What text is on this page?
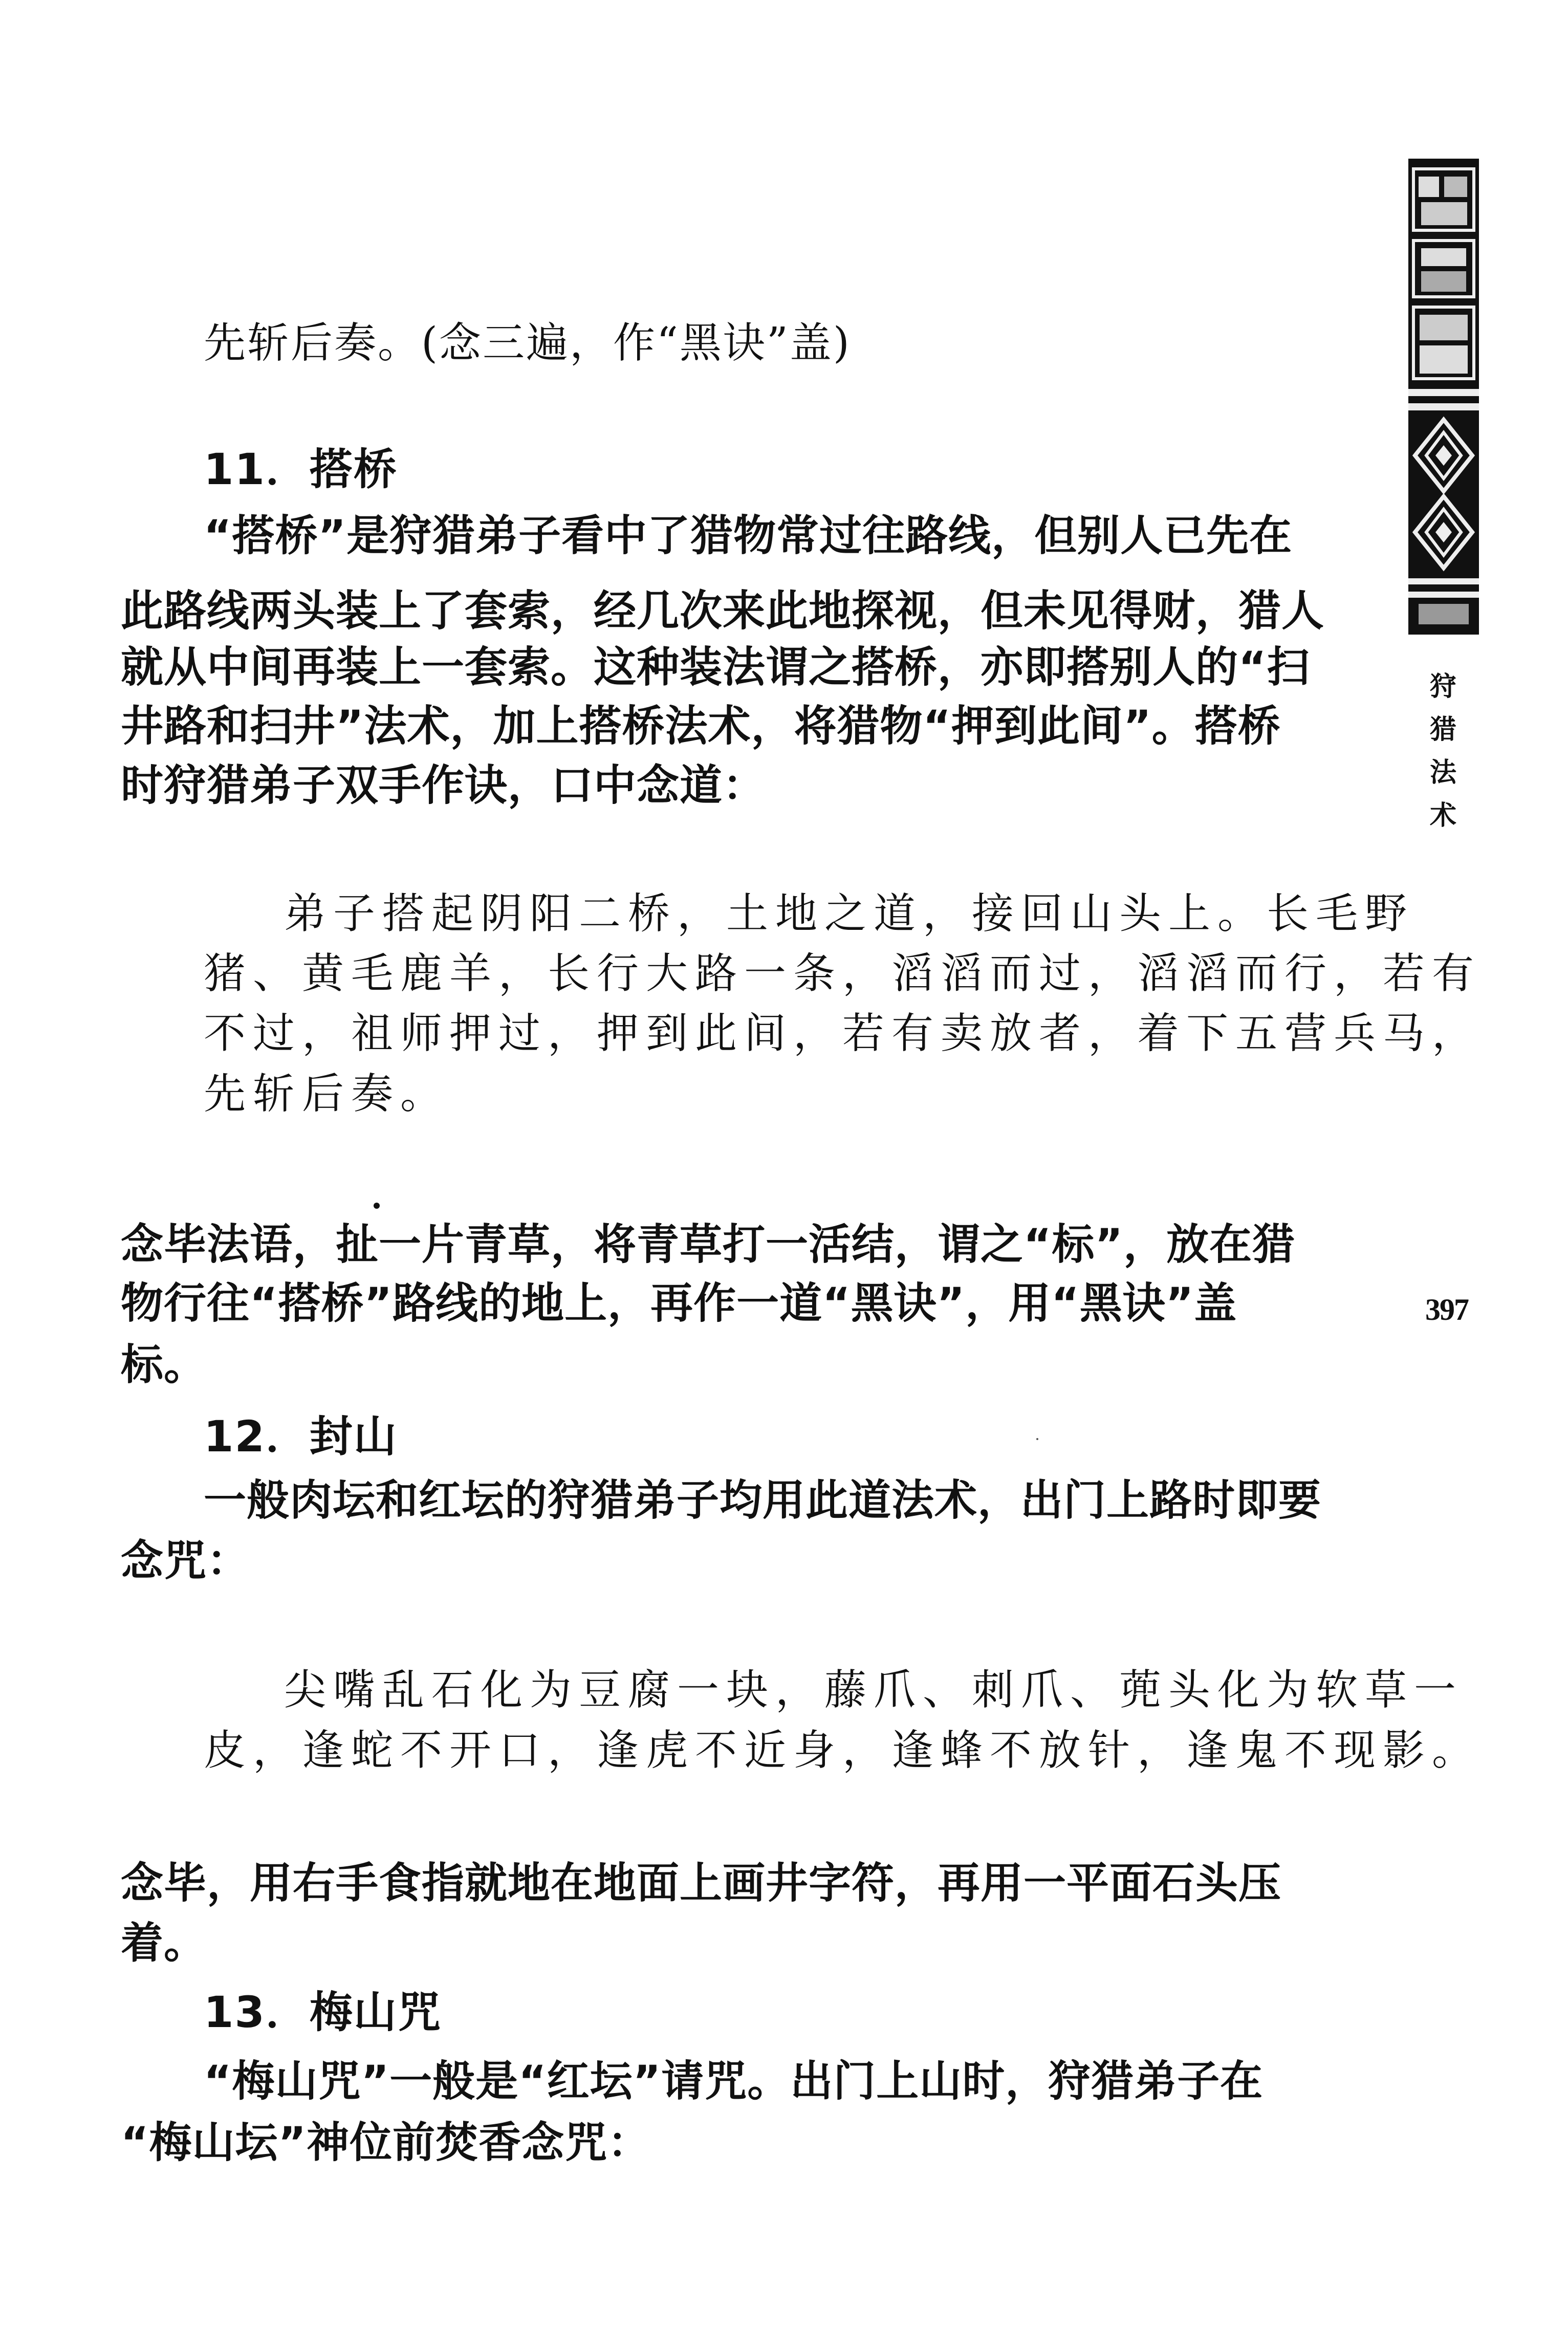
狩
猎
法
术
397
先斩后奏。(念三遍，作“黑诀”盖)
11．搭桥
“搭桥”是狩猎弟子看中了猎物常过往路线，但别人已先在
此路线两头装上了套索，经几次来此地探视，但未见得财，猎人
就从中间再装上一套索。这种装法谓之搭桥，亦即搭别人的“扫
井路和扫井”法术，加上搭桥法术，将猎物“押到此间”。搭桥
时狩猎弟子双手作诀，口中念道：
弟子搭起阴阳二桥，土地之道，接回山头上。长毛野
猪、黄毛鹿羊，长行大路一条，滔滔而过，滔滔而行，若有
不过，祖师押过，押到此间，若有卖放者，着下五营兵马，
先斩后奏。
念毕法语，扯一片青草，将青草打一活结，谓之“标”，放在猎
物行往“搭桥”路线的地上，再作一道“黑诀”，用“黑诀”盖
标。
12．封山
一般肉坛和红坛的狩猎弟子均用此道法术，出门上路时即要
念咒：
尖嘴乱石化为豆腐一块，藤爪、刺爪、蔸头化为软草一
皮，逢蛇不开口，逢虎不近身，逢蜂不放针，逢鬼不现影。
念毕，用右手食指就地在地面上画井字符，再用一平面石头压
着。
13．梅山咒
“梅山咒”一般是“红坛”请咒。出门上山时，狩猎弟子在
“梅山坛”神位前焚香念咒：
